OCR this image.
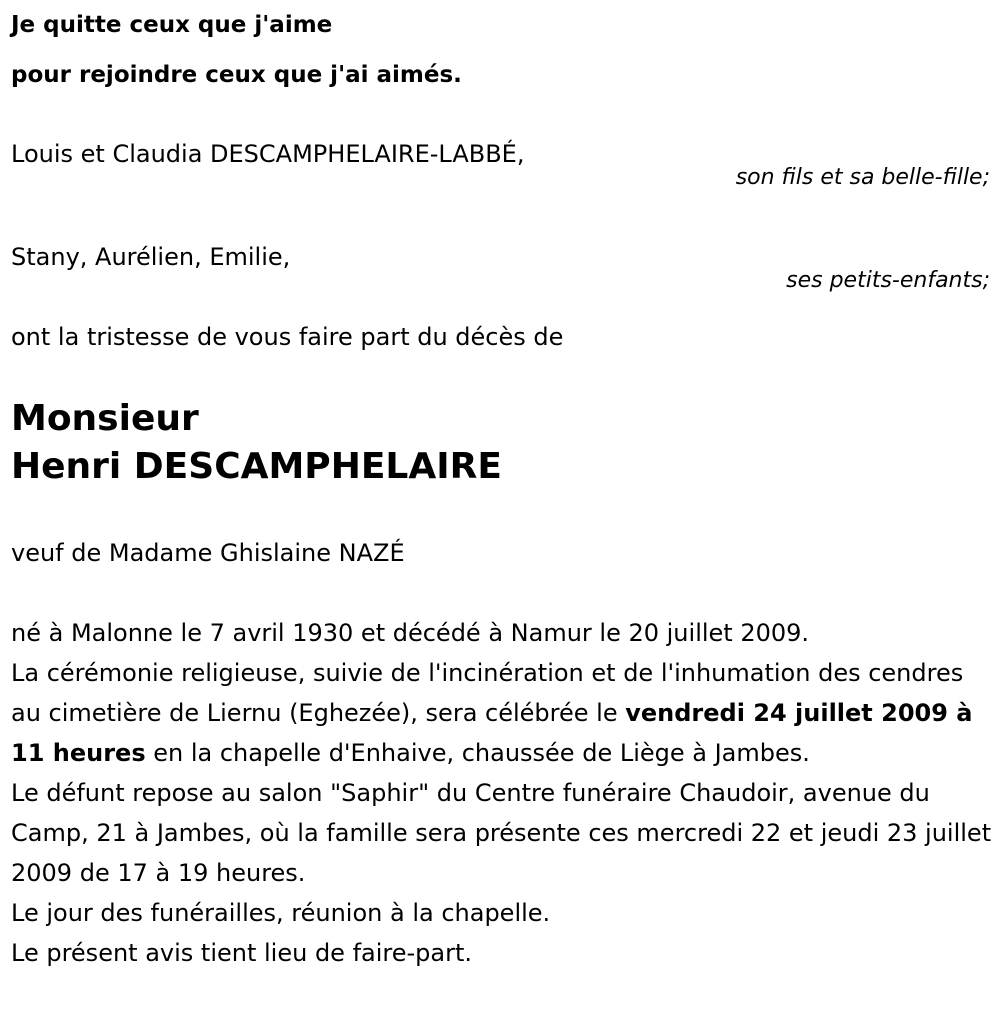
Je quitte ceux que j'aime
pour rejoindre ceux que j'ai aimés.
Louis et Claudia DESCAMPHELAIRE-LABBÉ,
son fils et sa belle-fille;
Stany, Aurélien, Emilie,
ses petits-enfants;
ont la tristesse de vous faire part du décès de
Monsieur
Henri DESCAMPHELAIRE
veuf de Madame Ghislaine NAZÉ

né à Malonne le 7 avril 1930 et décédé à Namur le 20 juillet 2009.

La cérémonie religieuse, suivie de l'incinération et de l'inhumation des cendres au cimetière de Liernu (Eghezée), sera célébrée le vendredi 24 juillet 2009 à 11 heures en la chapelle d'Enhaive, chaussée de Liège à Jambes.

Le défunt repose au salon "Saphir" du Centre funéraire Chaudoir, avenue du Camp, 21 à Jambes, où la famille sera présente ces mercredi 22 et jeudi 23 juillet 2009 de 17 à 19 heures.

Le jour des funérailles, réunion à la chapelle.

Le présent avis tient lieu de faire-part.
